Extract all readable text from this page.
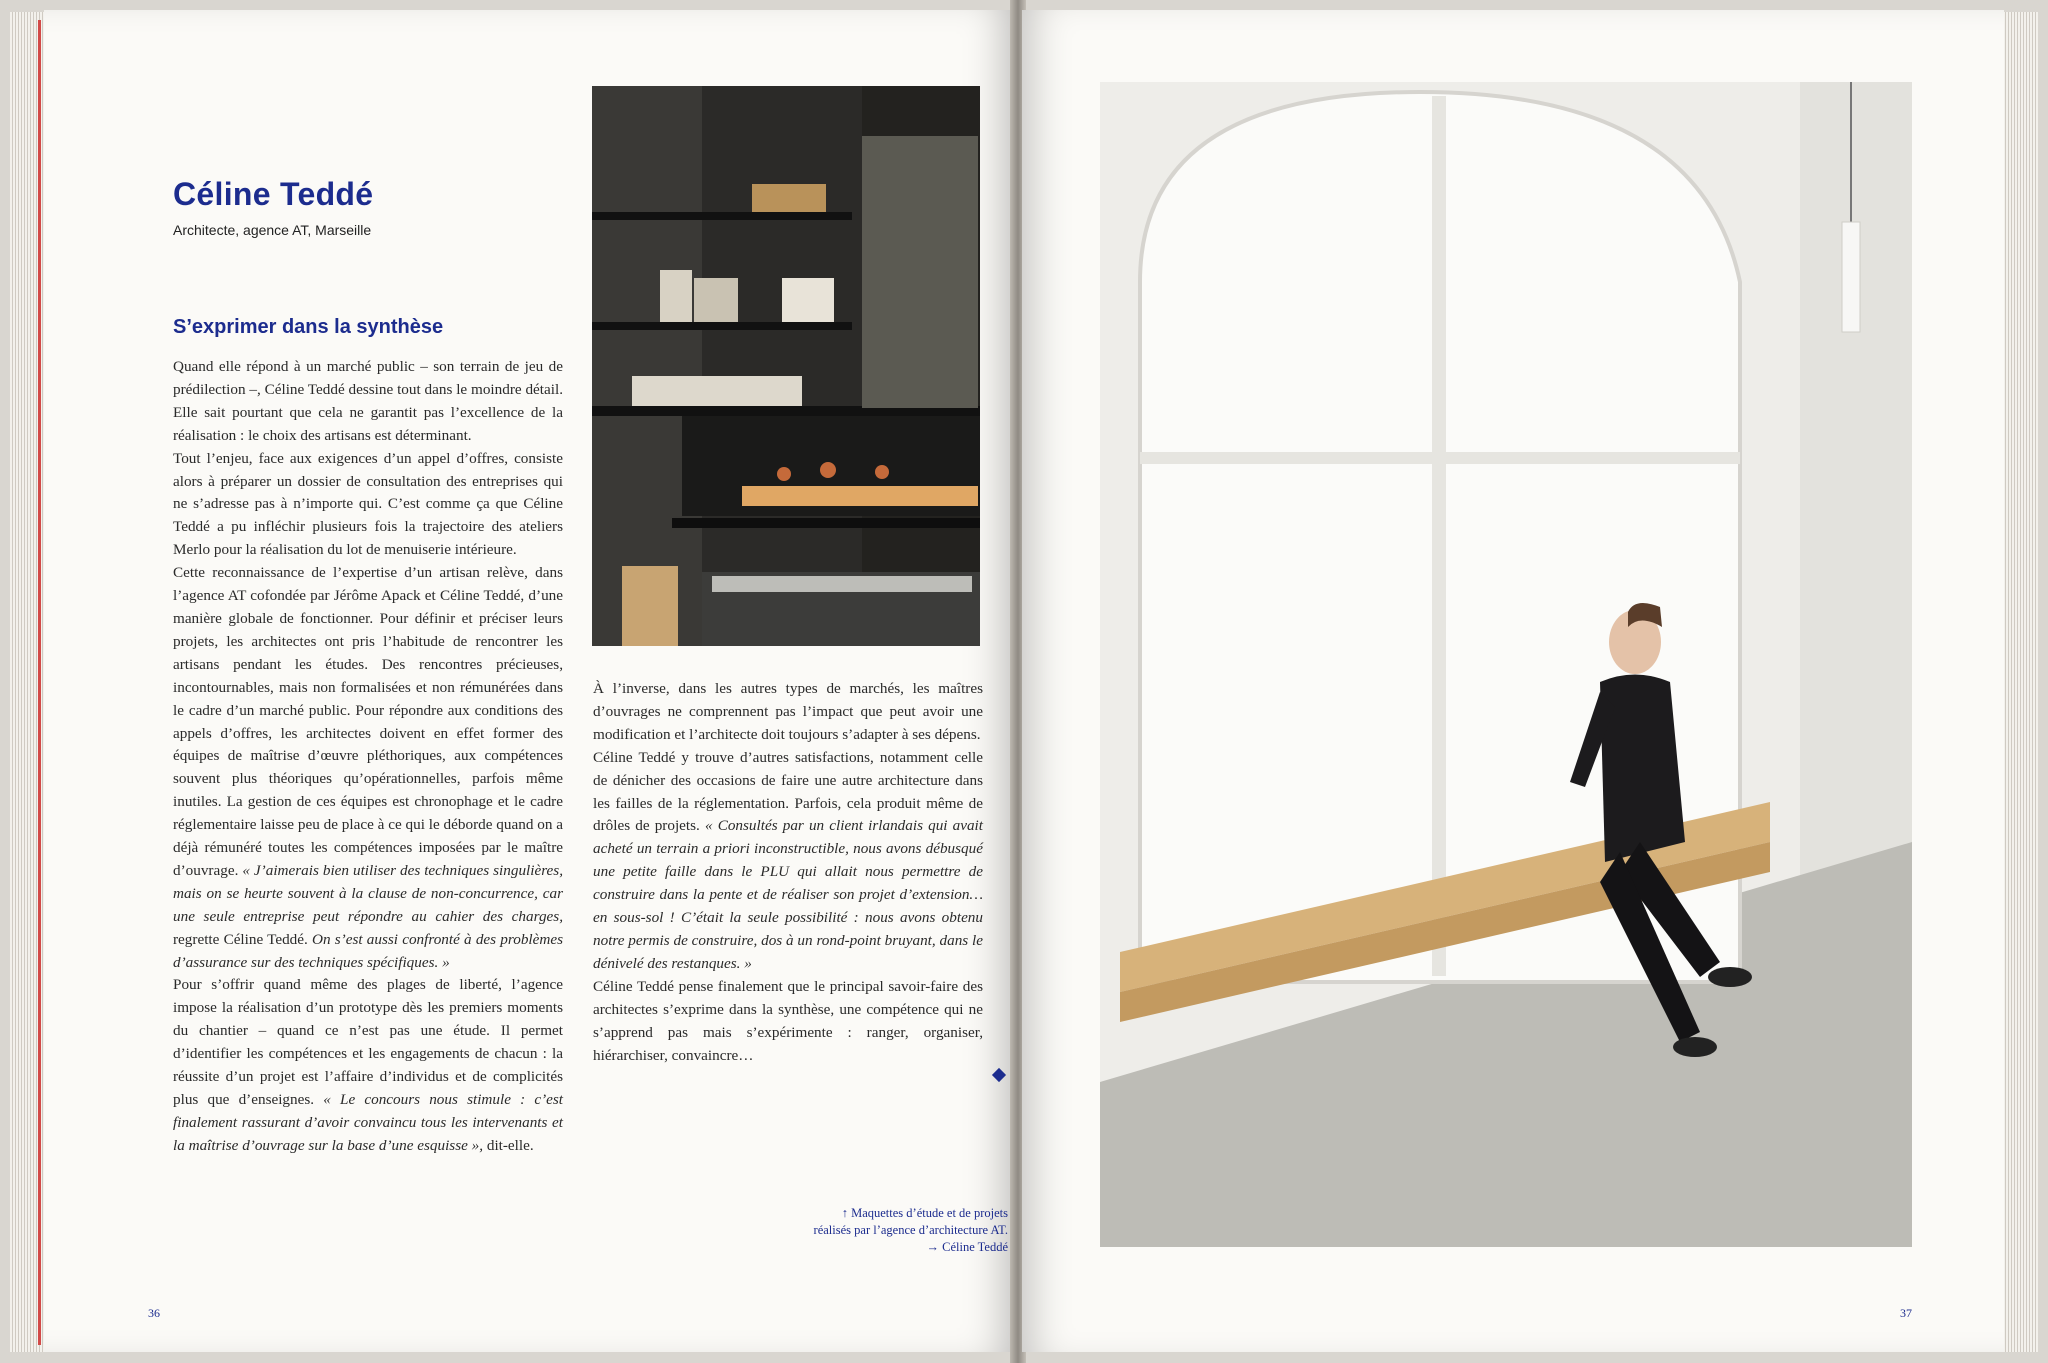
Céline Teddé

Architecte, agence AT, Marseille

S’exprimer dans la synthèse

Quand elle répond à un marché public – son terrain de jeu de prédilection –, Céline Teddé dessine tout dans le moindre détail. Elle sait pourtant que cela ne garantit pas l’excellence de la réalisation : le choix des artisans est déterminant.

Tout l’enjeu, face aux exigences d’un appel d’offres, consiste alors à préparer un dossier de consultation des entreprises qui ne s’adresse pas à n’importe qui. C’est comme ça que Céline Teddé a pu infléchir plusieurs fois la trajectoire des ateliers Merlo pour la réalisation du lot de menuiserie intérieure.

Cette reconnaissance de l’expertise d’un artisan relève, dans l’agence AT cofondée par Jérôme Apack et Céline Teddé, d’une manière globale de fonctionner. Pour définir et préciser leurs projets, les architectes ont pris l’habitude de rencontrer les artisans pendant les études. Des rencontres précieuses, incontournables, mais non formalisées et non rémunérées dans le cadre d’un marché public. Pour répondre aux conditions des appels d’offres, les architectes doivent en effet former des équipes de maîtrise d’œuvre pléthoriques, aux compétences souvent plus théoriques qu’opérationnelles, parfois même inutiles. La gestion de ces équipes est chronophage et le cadre réglementaire laisse peu de place à ce qui le déborde quand on a déjà rémunéré toutes les compétences imposées par le maître d’ouvrage. « J’aimerais bien utiliser des techniques singulières, mais on se heurte souvent à la clause de non-concurrence, car une seule entreprise peut répondre au cahier des charges, regrette Céline Teddé. On s’est aussi confronté à des problèmes d’assurance sur des techniques spécifiques. »

Pour s’offrir quand même des plages de liberté, l’agence impose la réalisation d’un prototype dès les premiers moments du chantier – quand ce n’est pas une étude. Il permet d’identifier les compétences et les engagements de chacun : la réussite d’un projet est l’affaire d’individus et de complicités plus que d’enseignes. « Le concours nous stimule : c’est finalement rassurant d’avoir convaincu tous les intervenants et la maîtrise d’ouvrage sur la base d’une esquisse », dit-elle.

À l’inverse, dans les autres types de marchés, les maîtres d’ouvrages ne comprennent pas l’impact que peut avoir une modification et l’architecte doit toujours s’adapter à ses dépens.

Céline Teddé y trouve d’autres satisfactions, notamment celle de dénicher des occasions de faire une autre architecture dans les failles de la réglementation. Parfois, cela produit même de drôles de projets. « Consultés par un client irlandais qui avait acheté un terrain a priori inconstructible, nous avons débusqué une petite faille dans le PLU qui allait nous permettre de construire dans la pente et de réaliser son projet d’extension… en sous-sol ! C’était la seule possibilité : nous avons obtenu notre permis de construire, dos à un rond-point bruyant, dans le dénivelé des restanques. »

Céline Teddé pense finalement que le principal savoir-faire des architectes s’exprime dans la synthèse, une compétence qui ne s’apprend pas mais s’expérimente : ranger, organiser, hiérarchiser, convaincre…

↑ Maquettes d’étude et de projets
réalisés par l’agence d’architecture AT.
→ Céline Teddé
36	37
